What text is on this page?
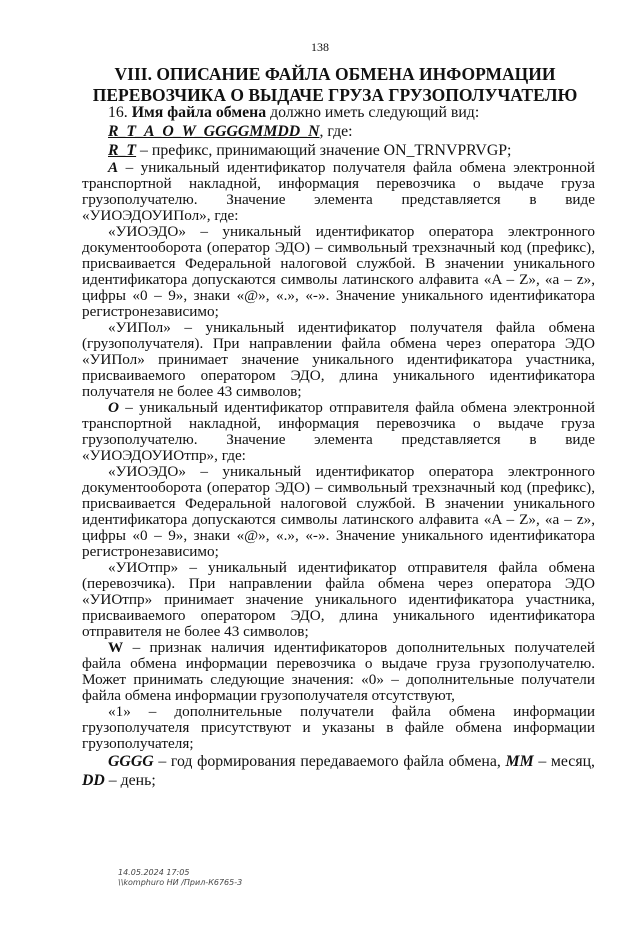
138
VIII. ОПИСАНИЕ ФАЙЛА ОБМЕНА ИНФОРМАЦИИ
ПЕРЕВОЗЧИКА О ВЫДАЧЕ ГРУЗА ГРУЗОПОЛУЧАТЕЛЮ

16. Имя файла обмена должно иметь следующий вид:

R_T_A_O_W_GGGGMMDD_N, где:

R_T – префикс, принимающий значение ON_TRNVPRVGP;

A – уникальный идентификатор получателя файла обмена электронной транспортной накладной, информация перевозчика о выдаче груза грузополучателю. Значение элемента представляется в виде «УИОЭДОУИПол», где:

«УИОЭДО» – уникальный идентификатор оператора электронного документооборота (оператор ЭДО) – символьный трехзначный код (префикс), присваивается Федеральной налоговой службой. В значении уникального идентификатора допускаются символы латинского алфавита «A – Z», «a – z», цифры «0 – 9», знаки «@», «.», «-». Значение уникального идентификатора регистронезависимо;

«УИПол» – уникальный идентификатор получателя файла обмена (грузополучателя). При направлении файла обмена через оператора ЭДО «УИПол» принимает значение уникального идентификатора участника, присваиваемого оператором ЭДО, длина уникального идентификатора получателя не более 43 символов;

O – уникальный идентификатор отправителя файла обмена электронной транспортной накладной, информация перевозчика о выдаче груза грузополучателю. Значение элемента представляется в виде «УИОЭДОУИОтпр», где:

«УИОЭДО» – уникальный идентификатор оператора электронного документооборота (оператор ЭДО) – символьный трехзначный код (префикс), присваивается Федеральной налоговой службой. В значении уникального идентификатора допускаются символы латинского алфавита «A – Z», «a – z», цифры «0 – 9», знаки «@», «.», «-». Значение уникального идентификатора регистронезависимо;

«УИОтпр» – уникальный идентификатор отправителя файла обмена (перевозчика). При направлении файла обмена через оператора ЭДО «УИОтпр» принимает значение уникального идентификатора участника, присваиваемого оператором ЭДО, длина уникального идентификатора отправителя не более 43 символов;

W – признак наличия идентификаторов дополнительных получателей файла обмена информации перевозчика о выдаче груза грузополучателю. Может принимать следующие значения: «0» – дополнительные получатели файла обмена информации грузополучателя отсутствуют,

«1» – дополнительные получатели файла обмена информации грузополучателя присутствуют и указаны в файле обмена информации грузополучателя;

GGGG – год формирования передаваемого файла обмена, MM – месяц, DD – день;

14.05.2024 17:05
\\komphuro НИ /Прил-К6765-3
